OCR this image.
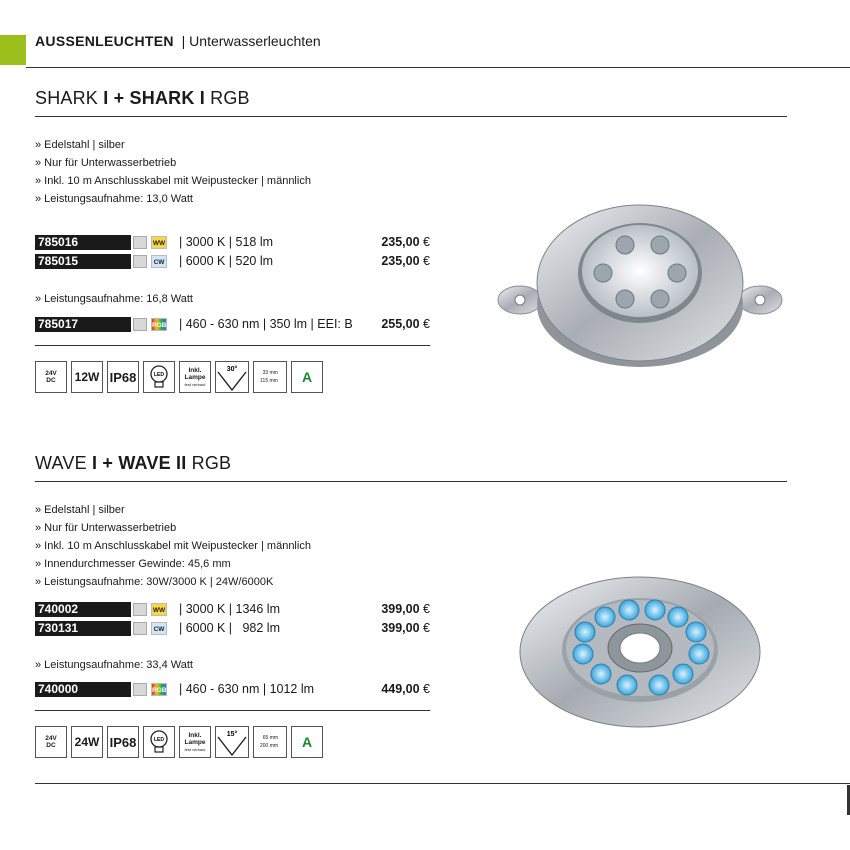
AUSSENLEUCHTEN | Unterwasserleuchten
SHARK I + SHARK I RGB
» Edelstahl | silber
» Nur für Unterwasserbetrieb
» Inkl. 10 m Anschlusskabel mit Weipustecker | männlich
» Leistungsaufnahme: 13,0 Watt
785016	WW | 3000 K | 518 lm	235,00 €
785015	CW | 6000 K | 520 lm	235,00 €
» Leistungsaufnahme: 16,8 Watt
785017	RGB | 460 - 630 nm | 350 lm | EEI: B 255,00 €
24V
DC	12W IP68	LED
Inkl.
Lampe
fest verbaut
30°	33 mm
115 mm	A
WAVE I + WAVE II RGB
» Edelstahl | silber
» Nur für Unterwasserbetrieb
» Inkl. 10 m Anschlusskabel mit Weipustecker | männlich
» Innendurchmesser Gewinde: 45,6 mm
» Leistungsaufnahme: 30W/3000 K | 24W/6000K
740002	WW | 3000 K | 1346 lm	399,00 €
730131	CW | 6000 K |   982 lm	399,00 €
» Leistungsaufnahme: 33,4 Watt
740000	RGB | 460 - 630 nm | 1012 lm	449,00 €
24V
DC	24W IP68	LED
Inkl.
Lampe
fest verbaut
15°	65 mm
200 mm	A
